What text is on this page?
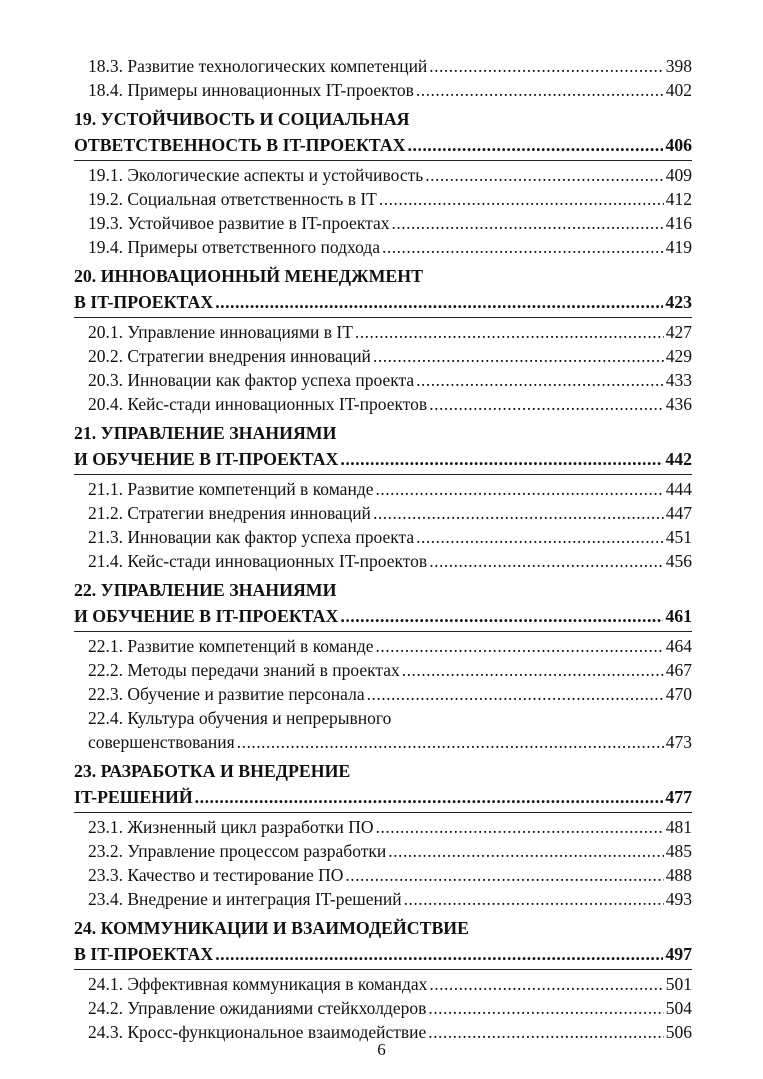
18.3. Развитие технологических компетенций .....	398
18.4. Примеры инновационных IT-проектов .....	402
19. УСТОЙЧИВОСТЬ И СОЦИАЛЬНАЯ
ОТВЕТСТВЕННОСТЬ В IT-ПРОЕКТАХ .....	406
19.1. Экологические аспекты и устойчивость .....	409
19.2. Социальная ответственность в IT .....	412
19.3. Устойчивое развитие в IT-проектах .....	416
19.4. Примеры ответственного подхода .....	419
20. ИННОВАЦИОННЫЙ МЕНЕДЖМЕНТ
В IT-ПРОЕКТАХ .....	423
20.1. Управление инновациями в IT .....	427
20.2. Стратегии внедрения инноваций .....	429
20.3. Инновации как фактор успеха проекта .....	433
20.4. Кейс-стади инновационных IT-проектов .....	436
21. УПРАВЛЕНИЕ ЗНАНИЯМИ
И ОБУЧЕНИЕ В IT-ПРОЕКТАХ .....	442
21.1. Развитие компетенций в команде .....	444
21.2. Стратегии внедрения инноваций .....	447
21.3. Инновации как фактор успеха проекта .....	451
21.4. Кейс-стади инновационных IT-проектов .....	456
22. УПРАВЛЕНИЕ ЗНАНИЯМИ
И ОБУЧЕНИЕ В IT-ПРОЕКТАХ .....	461
22.1. Развитие компетенций в команде .....	464
22.2. Методы передачи знаний в проектах .....	467
22.3. Обучение и развитие персонала .....	470
22.4. Культура обучения и непрерывного
совершенствования .....	473
23. РАЗРАБОТКА И ВНЕДРЕНИЕ
IT-РЕШЕНИЙ .....	477
23.1. Жизненный цикл разработки ПО .....	481
23.2. Управление процессом разработки .....	485
23.3. Качество и тестирование ПО .....	488
23.4. Внедрение и интеграция IT-решений .....	493
24. КОММУНИКАЦИИ И ВЗАИМОДЕЙСТВИЕ
В IT-ПРОЕКТАХ .....	497
24.1. Эффективная коммуникация в командах .....	501
24.2. Управление ожиданиями стейкхолдеров .....	504
24.3. Кросс-функциональное взаимодействие .....	506
6
